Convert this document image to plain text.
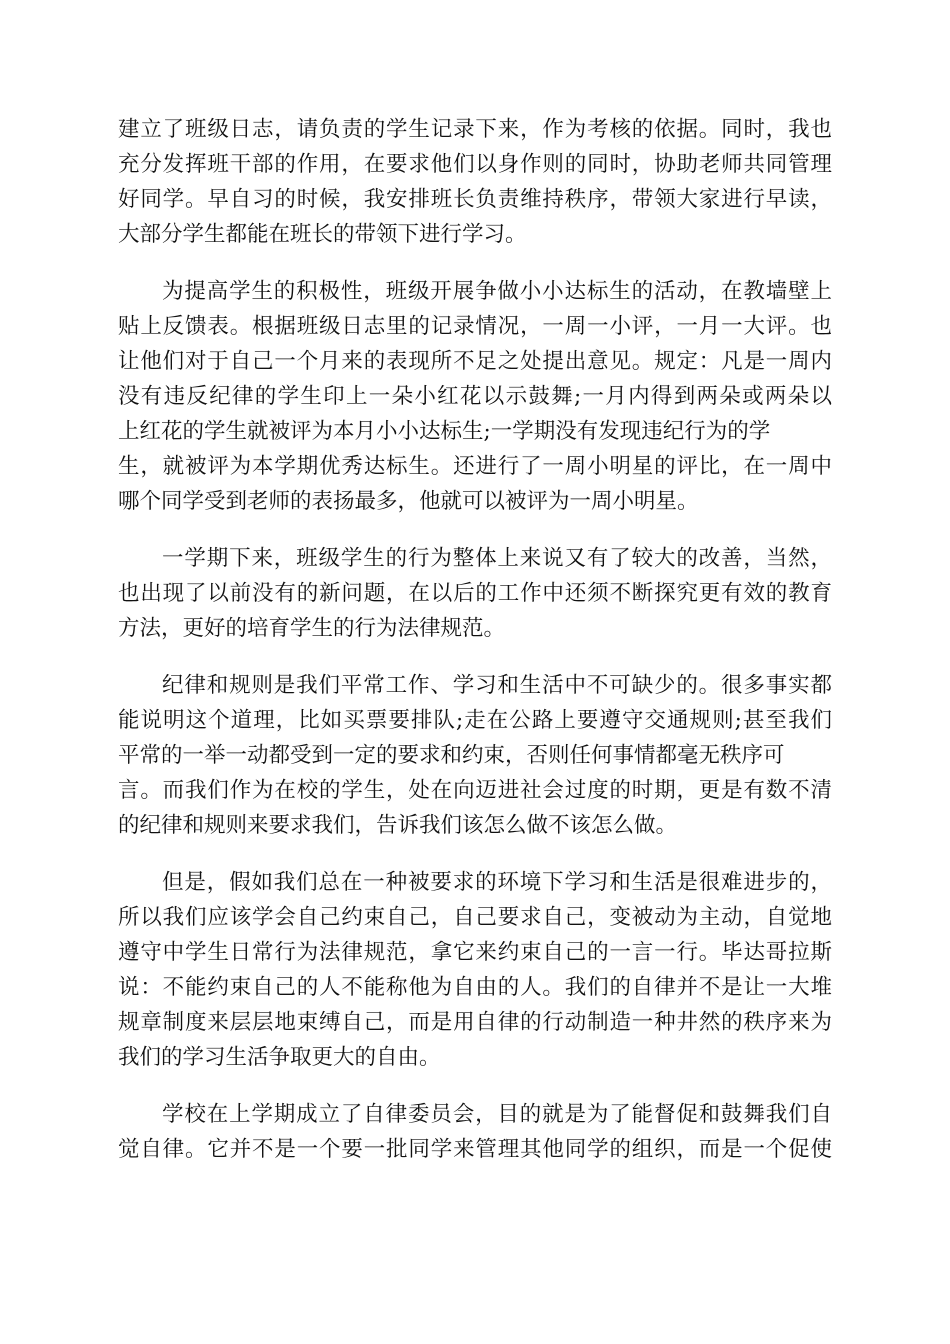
建立了班级日志，请负责的学生记录下来，作为考核的依据。同时，我也
充分发挥班干部的作用，在要求他们以身作则的同时，协助老师共同管理
好同学。早自习的时候，我安排班长负责维持秩序，带领大家进行早读，
大部分学生都能在班长的带领下进行学习。
为提高学生的积极性，班级开展争做小小达标生的活动，在教墙壁上
贴上反馈表。根据班级日志里的记录情况，一周一小评，一月一大评。也
让他们对于自己一个月来的表现所不足之处提出意见。规定：凡是一周内
没有违反纪律的学生印上一朵小红花以示鼓舞;一月内得到两朵或两朵以
上红花的学生就被评为本月小小达标生;一学期没有发现违纪行为的学
生，就被评为本学期优秀达标生。还进行了一周小明星的评比，在一周中
哪个同学受到老师的表扬最多，他就可以被评为一周小明星。
一学期下来，班级学生的行为整体上来说又有了较大的改善，当然，
也出现了以前没有的新问题，在以后的工作中还须不断探究更有效的教育
方法，更好的培育学生的行为法律规范。
纪律和规则是我们平常工作、学习和生活中不可缺少的。很多事实都
能说明这个道理，比如买票要排队;走在公路上要遵守交通规则;甚至我们
平常的一举一动都受到一定的要求和约束，否则任何事情都毫无秩序可
言。而我们作为在校的学生，处在向迈进社会过度的时期，更是有数不清
的纪律和规则来要求我们，告诉我们该怎么做不该怎么做。
但是，假如我们总在一种被要求的环境下学习和生活是很难进步的，
所以我们应该学会自己约束自己，自己要求自己，变被动为主动，自觉地
遵守中学生日常行为法律规范，拿它来约束自己的一言一行。毕达哥拉斯
说：不能约束自己的人不能称他为自由的人。我们的自律并不是让一大堆
规章制度来层层地束缚自己，而是用自律的行动制造一种井然的秩序来为
我们的学习生活争取更大的自由。
学校在上学期成立了自律委员会，目的就是为了能督促和鼓舞我们自
觉自律。它并不是一个要一批同学来管理其他同学的组织，而是一个促使
